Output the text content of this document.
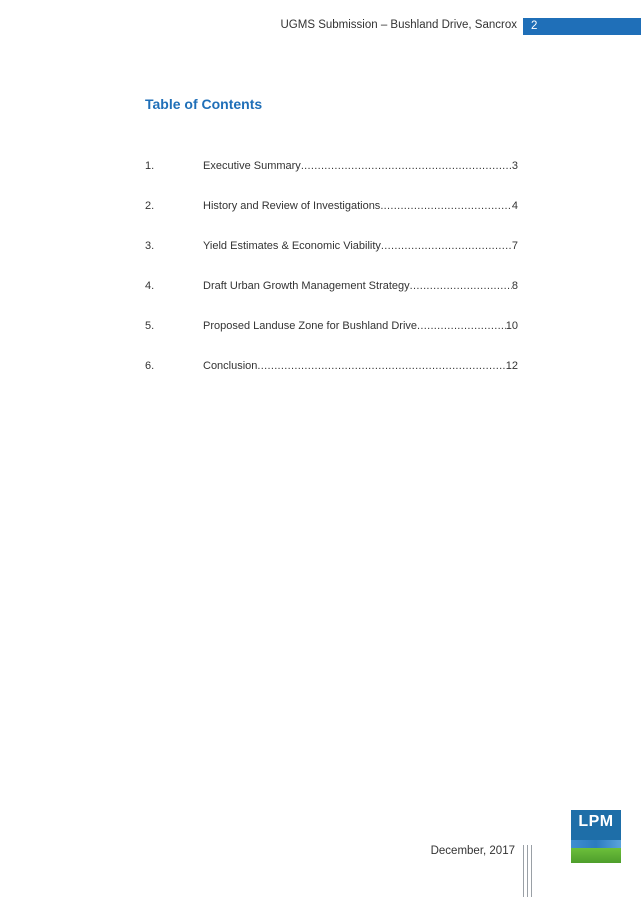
UGMS Submission – Bushland Drive, Sancrox	2
Table of Contents
1.	Executive Summary .....	3
2.	History and Review of Investigations .....	4
3.	Yield Estimates & Economic Viability .....	7
4.	Draft Urban Growth Management Strategy .....	8
5.	Proposed Landuse Zone for Bushland Drive .....	10
6.	Conclusion .....	12
LPM
December, 2017
